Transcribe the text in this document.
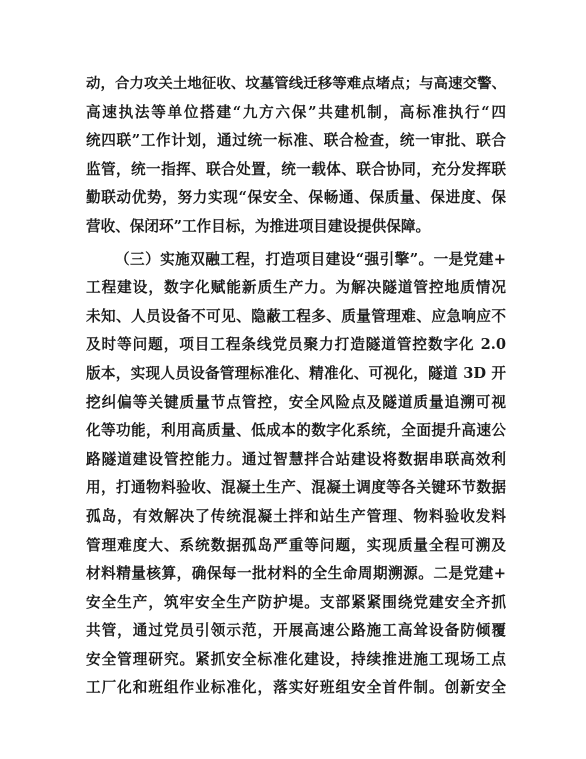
动，合力攻关土地征收、坟墓管线迁移等难点堵点；与高速交警、
高速执法等单位搭建“九方六保”共建机制，高标准执行“四
统四联”工作计划，通过统一标准、联合检查，统一审批、联合
监管，统一指挥、联合处置，统一载体、联合协同，充分发挥联
勤联动优势，努力实现“保安全、保畅通、保质量、保进度、保
营收、保闭环”工作目标，为推进项目建设提供保障。
（三）实施双融工程，打造项目建设“强引擎”。一是党建+
工程建设，数字化赋能新质生产力。为解决隧道管控地质情况
未知、人员设备不可见、隐蔽工程多、质量管理难、应急响应不
及时等问题，项目工程条线党员聚力打造隧道管控数字化 2.0
版本，实现人员设备管理标准化、精准化、可视化，隧道 3D 开
挖纠偏等关键质量节点管控，安全风险点及隧道质量追溯可视
化等功能，利用高质量、低成本的数字化系统，全面提升高速公
路隧道建设管控能力。通过智慧拌合站建设将数据串联高效利
用，打通物料验收、混凝土生产、混凝土调度等各关键环节数据
孤岛，有效解决了传统混凝土拌和站生产管理、物料验收发料
管理难度大、系统数据孤岛严重等问题，实现质量全程可溯及
材料精量核算，确保每一批材料的全生命周期溯源。二是党建+
安全生产，筑牢安全生产防护堤。支部紧紧围绕党建安全齐抓
共管，通过党员引领示范，开展高速公路施工高耸设备防倾覆
安全管理研究。紧抓安全标准化建设，持续推进施工现场工点
工厂化和班组作业标准化，落实好班组安全首件制。创新安全
